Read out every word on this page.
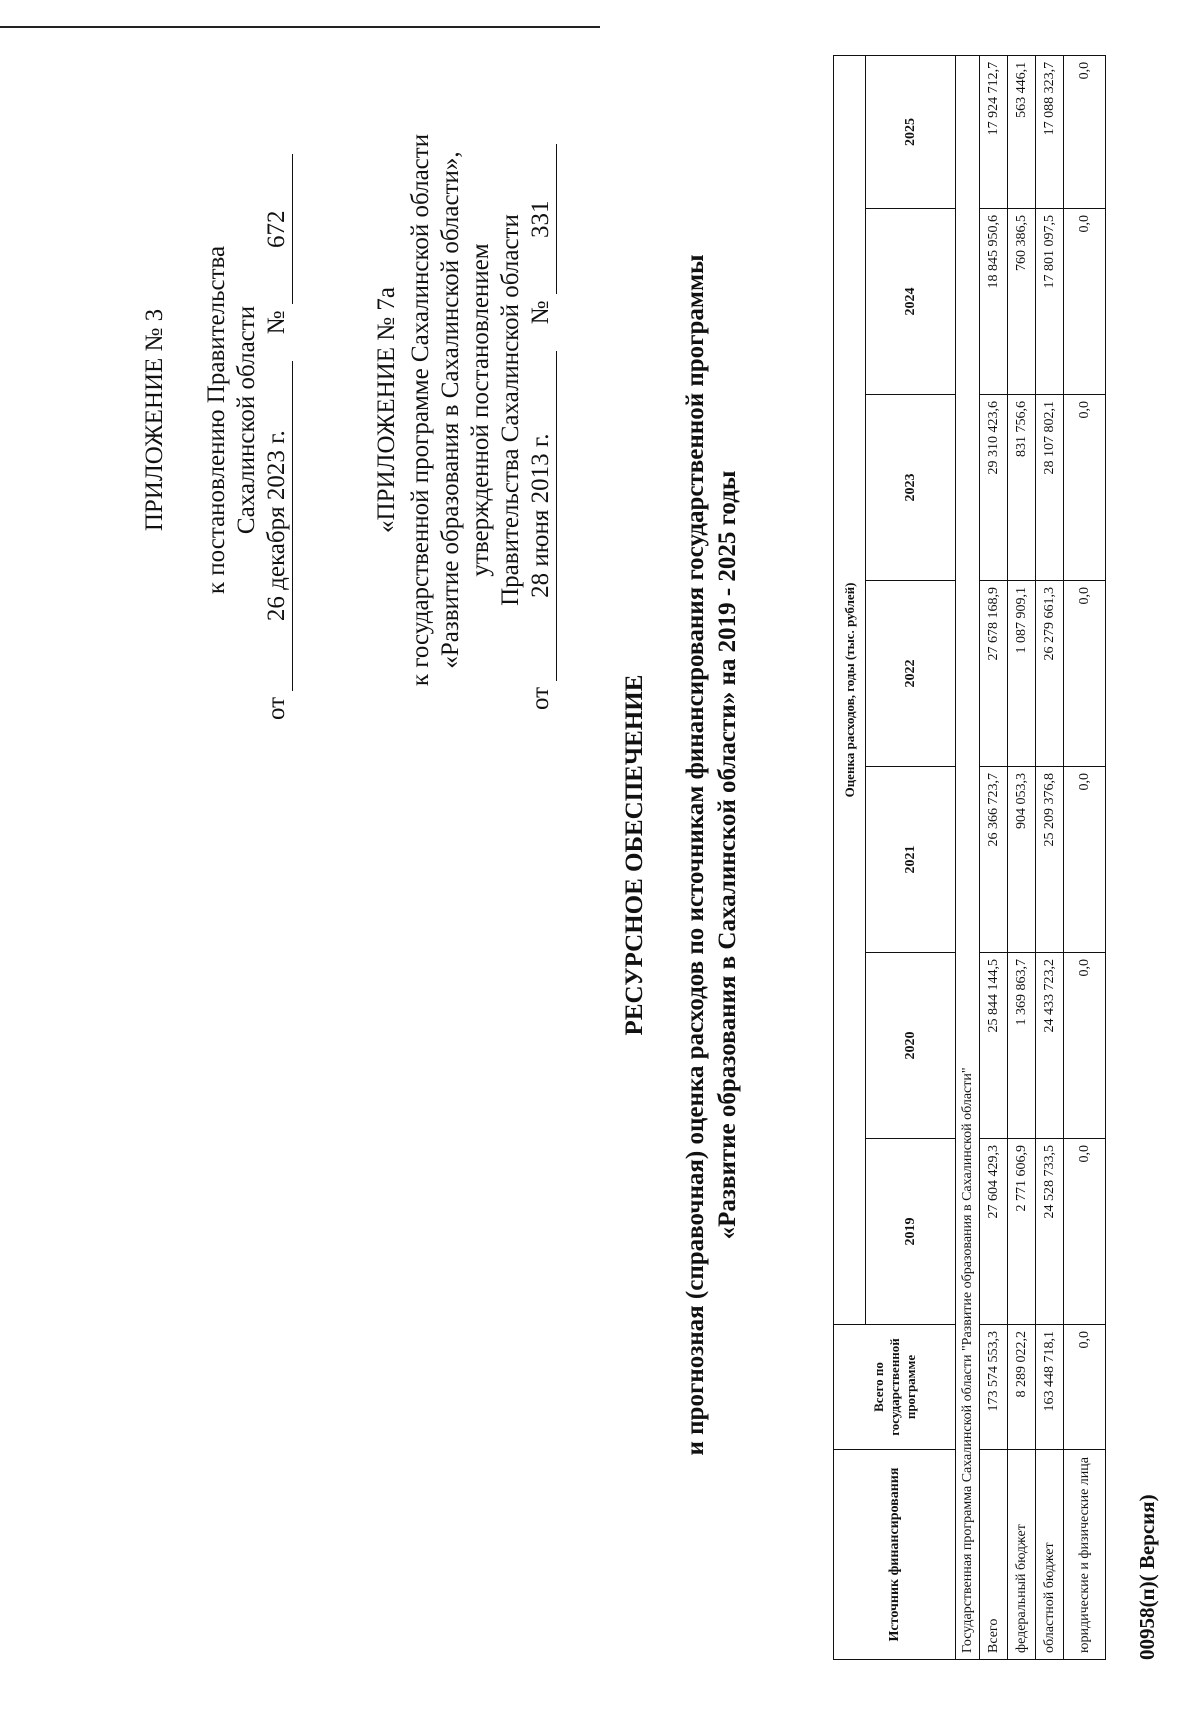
ПРИЛОЖЕНИЕ № 3 к постановлению Правительства Сахалинской области
от 26 декабря 2023 г. № 672
«ПРИЛОЖЕНИЕ № 7а к государственной программе Сахалинской области «Развитие образования в Сахалинской области», утвержденной постановлением Правительства Сахалинской области
от 28 июня 2013 г. № 331
РЕСУРСНОЕ ОБЕСПЕЧЕНИЕ и прогнозная (справочная) оценка расходов по источникам финансирования государственной программы «Развитие образования в Сахалинской области» на 2019 - 2025 годы
Источник финансирования	Всего по государственной программе	Оценка расходов, годы (тыс. рублей)						
		2019	2020	2021	2022	2023	2024	2025
Государственная программа Сахалинской области "Развитие образования в Сахалинской области"								
Всего	173 574 553,3	27 604 429,3	25 844 144,5	26 366 723,7	27 678 168,9	29 310 423,6	18 845 950,6	17 924 712,7
федеральный бюджет	8 289 022,2	2 771 606,9	1 369 863,7	904 053,3	1 087 909,1	831 756,6	760 386,5	563 446,1
областной бюджет	163 448 718,1	24 528 733,5	24 433 723,2	25 209 376,8	26 279 661,3	28 107 802,1	17 801 097,5	17 088 323,7
юридические и физические лица	0,0	0,0	0,0	0,0	0,0	0,0	0,0	0,0
00958(п)( Версия)
